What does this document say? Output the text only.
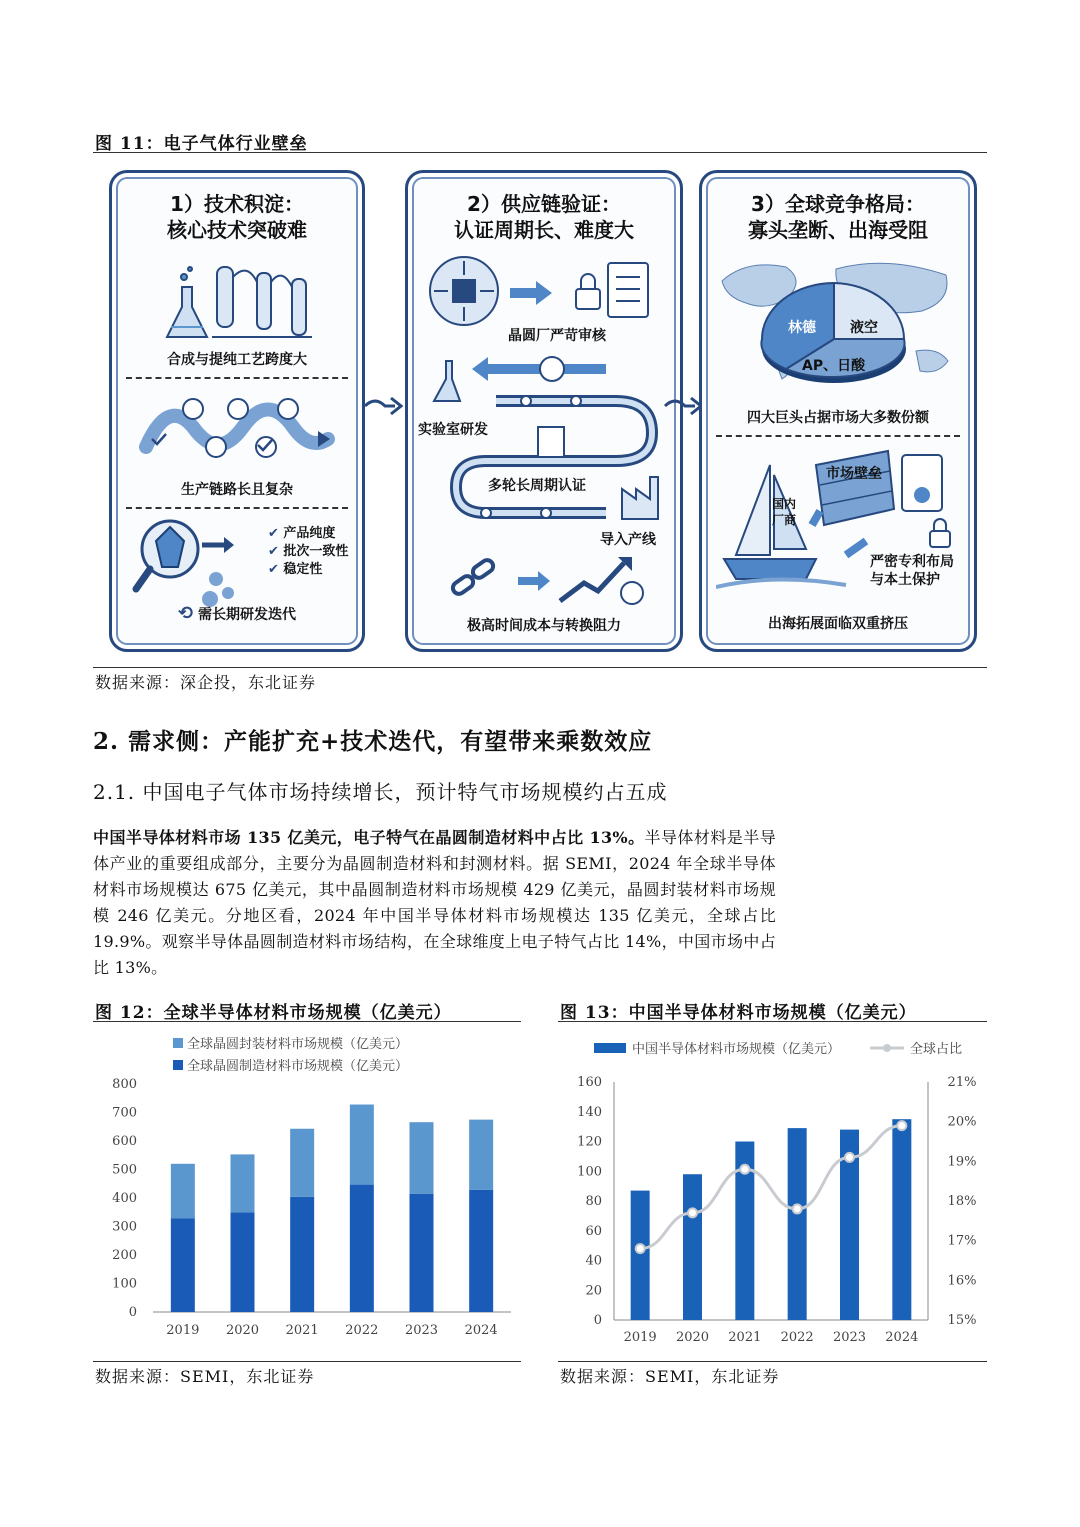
图 11：电子气体行业壁垒
1）技术积淀：
核心技术突破难
合成与提纯工艺跨度大
生产链路长且复杂
✔ 产品纯度
✔ 批次一致性
✔ 稳定性
⟲ 需长期研发迭代
2）供应链验证：
认证周期长、难度大
晶圆厂严苛审核
实验室研发
多轮长周期认证
导入产线
极高时间成本与转换阻力
3）全球竞争格局：
寡头垄断、出海受阻
林德 液空
AP、日酸
四大巨头占据市场大多数份额
市场壁垒
国内
厂商
严密专利布局
与本土保护
出海拓展面临双重挤压
数据来源：深企投，东北证券
2. 需求侧：产能扩充+技术迭代，有望带来乘数效应
2.1. 中国电子气体市场持续增长，预计特气市场规模约占五成
中国半导体材料市场 135 亿美元，电子特气在晶圆制造材料中占比 13%。半导体材料是半导体产业的重要组成部分，主要分为晶圆制造材料和封测材料。据 SEMI，2024 年全球半导体材料市场规模达 675 亿美元，其中晶圆制造材料市场规模 429 亿美元，晶圆封装材料市场规模 246 亿美元。分地区看，2024 年中国半导体材料市场规模达 135 亿美元，全球占比 19.9%。观察半导体晶圆制造材料市场结构，在全球维度上电子特气占比 14%，中国市场中占比 13%。
图 12：全球半导体材料市场规模（亿美元）
全球晶圆封装材料市场规模（亿美元）
全球晶圆制造材料市场规模（亿美元）
0
100
200
300
400
500
600
700
800
2019 2020 2021 2022 2023 2024
数据来源：SEMI，东北证券
图 13：中国半导体材料市场规模（亿美元）
中国半导体材料市场规模（亿美元）	全球占比
0
20
40
60
80
100
120
140
160
15%
16%
17%
18%
19%
20%
21%
2019 2020 2021 2022 2023 2024
数据来源：SEMI，东北证券
